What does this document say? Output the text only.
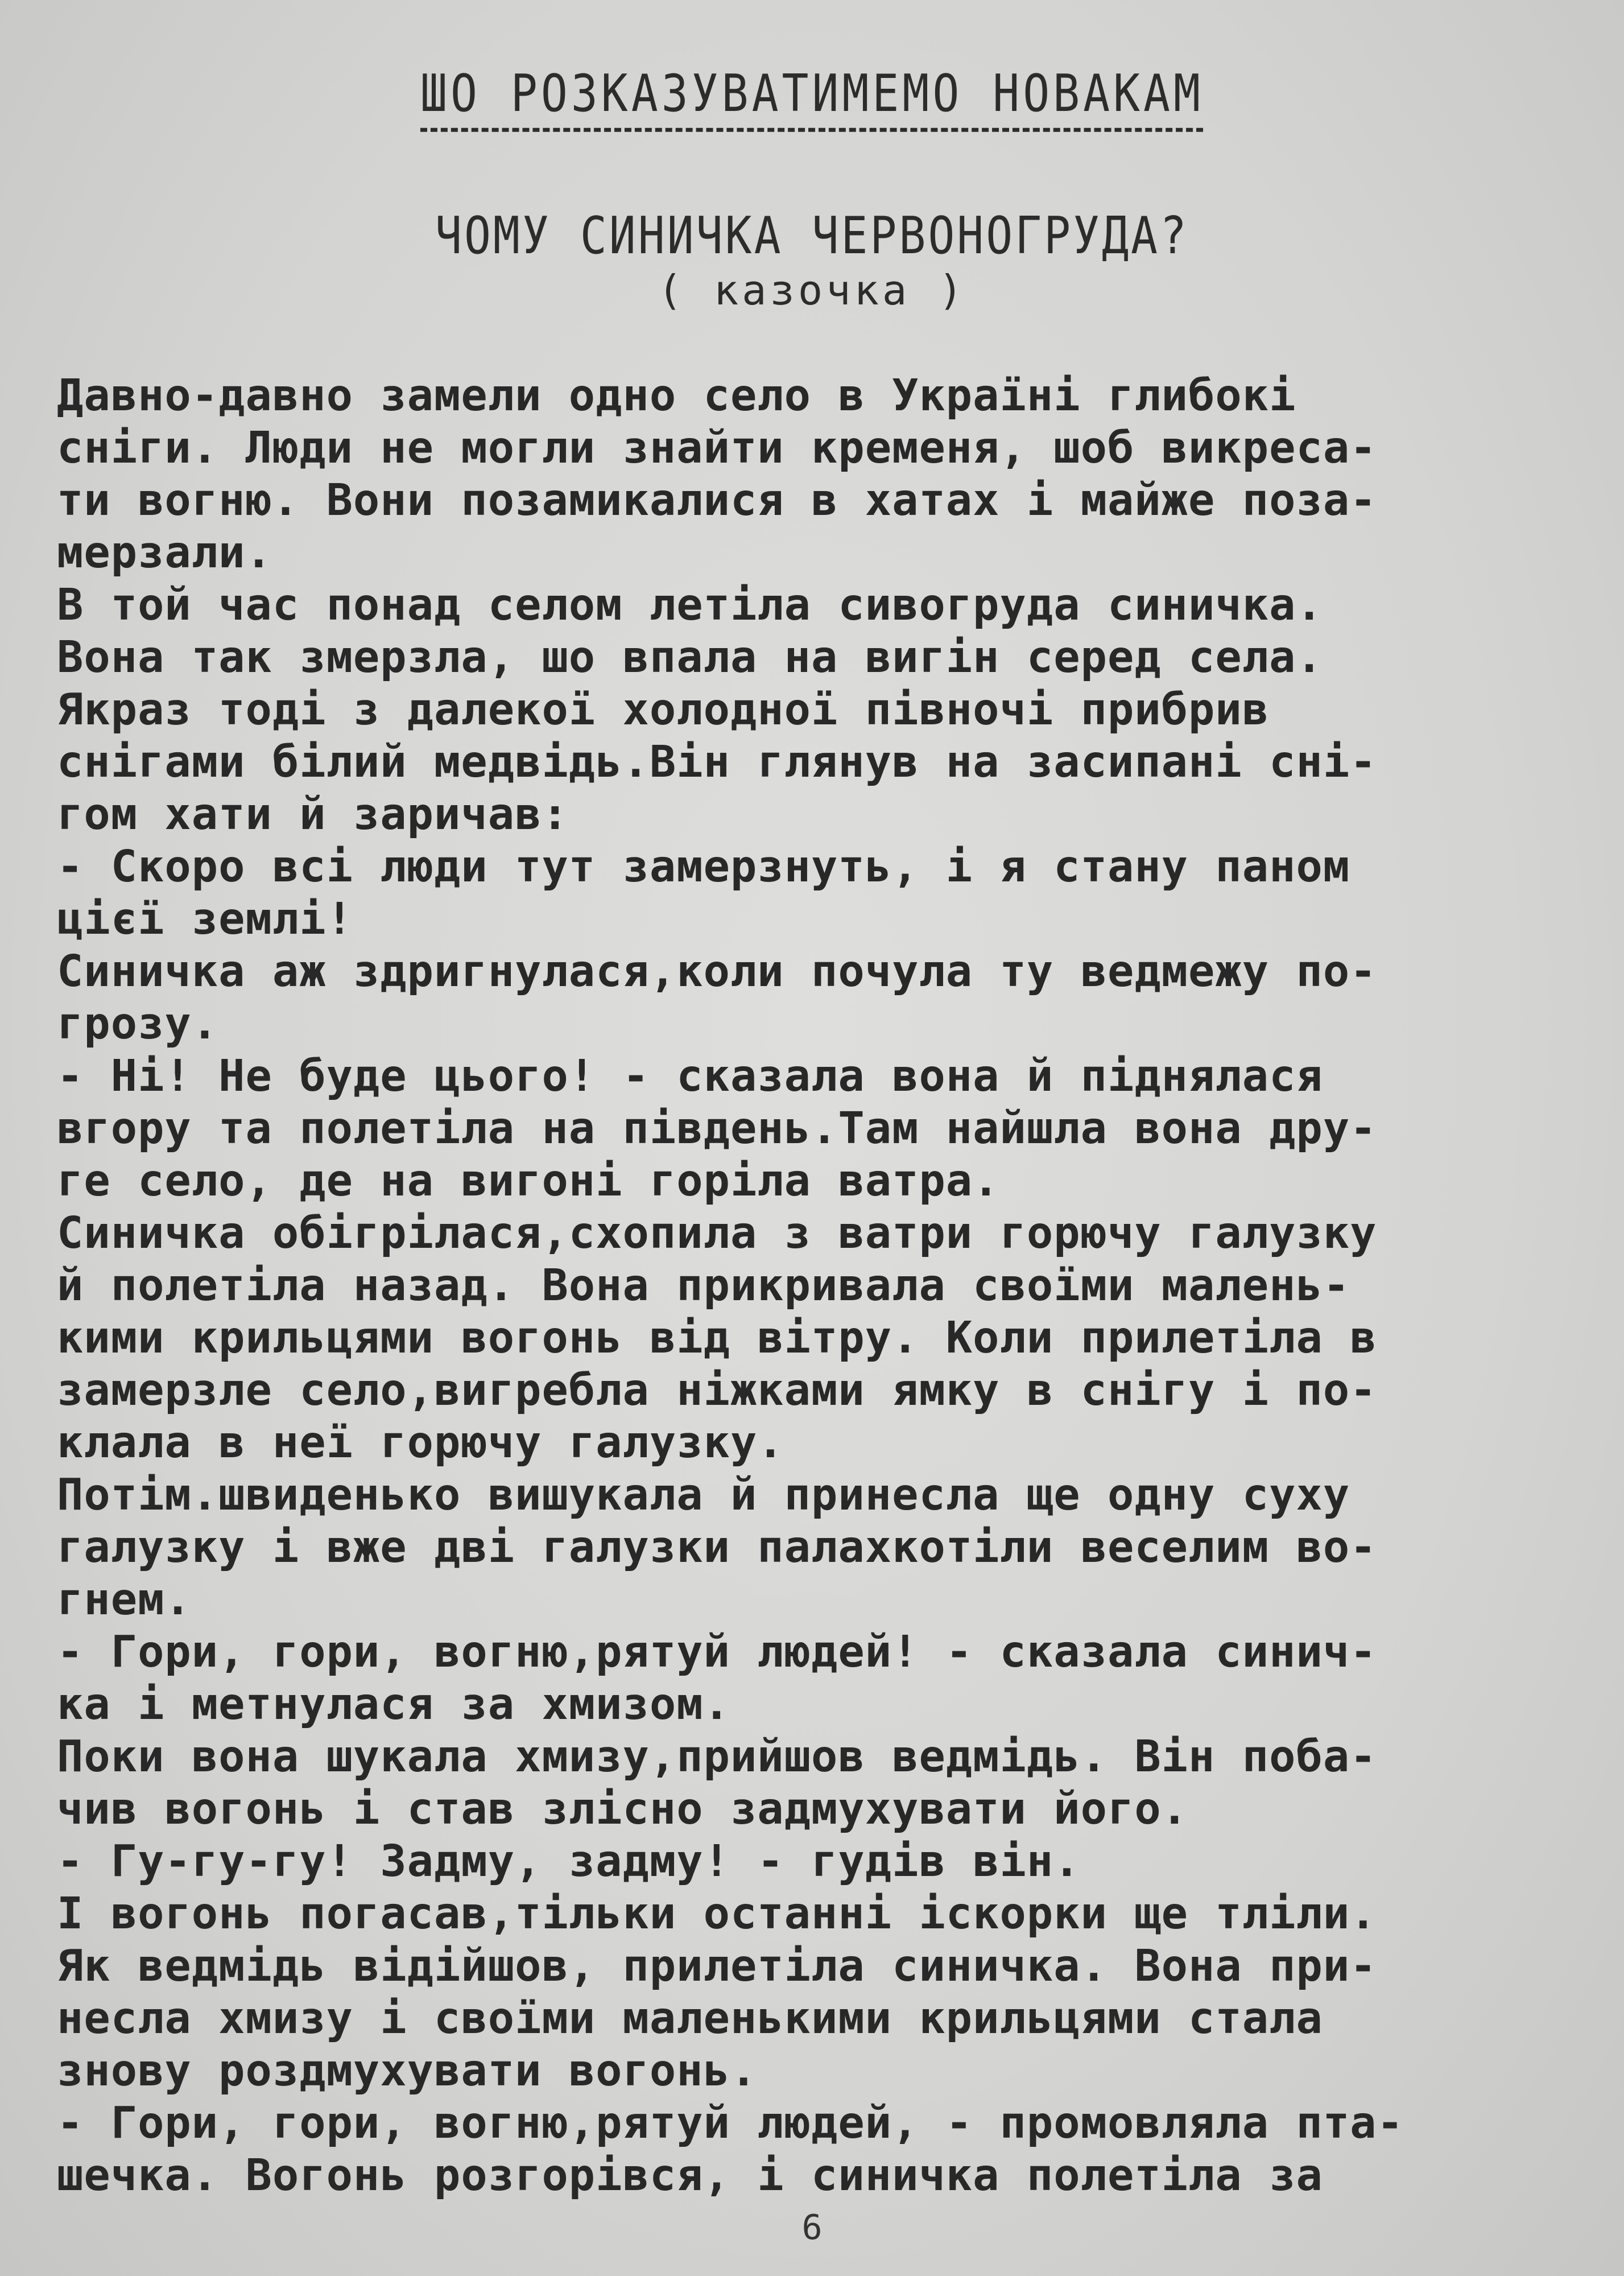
ШО РОЗКАЗУВАТИМЕМО НОВАКАМ
ЧОМУ СИНИЧКА ЧЕРВОНОГРУДА?
( казочка )
Давно-давно замели одно село в Україні глибокі
сніги. Люди не могли знайти кременя, шоб викреса-
ти вогню. Вони позамикалися в хатах і майже поза-
мерзали.
В той час понад селом летіла сивогруда синичка.
Вона так змерзла, шо впала на вигін серед села.
Якраз тоді з далекої холодної півночі прибрив
снігами білий медвідь.Він глянув на засипані сні-
гом хати й заричав:
- Скоро всі люди тут замерзнуть, і я стану паном
цієї землі!
Синичка аж здригнулася,коли почула ту ведмежу по-
грозу.
- Ні! Не буде цього! - сказала вона й піднялася
вгору та полетіла на південь.Там найшла вона дру-
ге село, де на вигоні горіла ватра.
Синичка обігрілася,схопила з ватри горючу галузку
й полетіла назад. Вона прикривала своїми малень-
кими крильцями вогонь від вітру. Коли прилетіла в
замерзле село,вигребла ніжками ямку в снігу і по-
клала в неї горючу галузку.
Потім.швиденько вишукала й принесла ще одну суху
галузку і вже дві галузки палахкотіли веселим во-
гнем.
- Гори, гори, вогню,рятуй людей! - сказала синич-
ка і метнулася за хмизом.
Поки вона шукала хмизу,прийшов ведмідь. Він поба-
чив вогонь і став злісно задмухувати його.
- Гу-гу-гу! Задму, задму! - гудів він.
І вогонь погасав,тільки останні іскорки ще тліли.
Як ведмідь відійшов, прилетіла синичка. Вона при-
несла хмизу і своїми маленькими крильцями стала
знову роздмухувати вогонь.
- Гори, гори, вогню,рятуй людей, - промовляла пта-
шечка. Вогонь розгорівся, і синичка полетіла за
6
